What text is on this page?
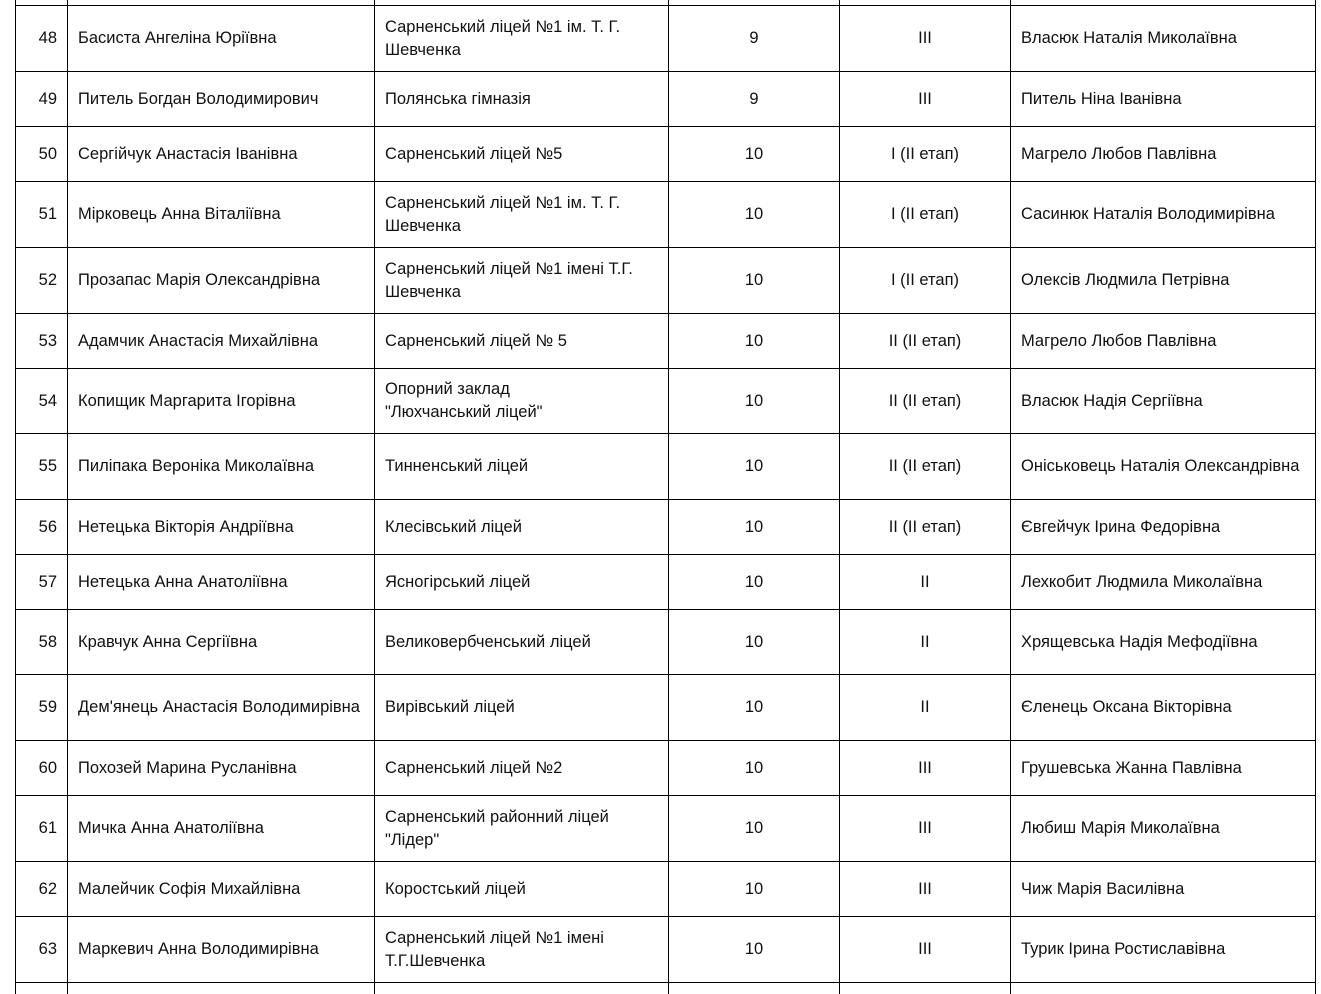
48	Басиста Ангеліна Юріївна	Сарненський ліцей №1 ім. Т. Г.
Шевченка	9	ІІІ	Власюк Наталія Миколаївна
49	Питель Богдан Володимирович	Полянська гімназія	9	ІІІ	Питель Ніна Іванівна
50	Сергійчук Анастасія Іванівна	Сарненський ліцей №5	10	І (ІІ етап)	Магрело Любов Павлівна
51	Мірковець Анна Віталіївна	Сарненський ліцей №1 ім. Т. Г.
Шевченка	10	І (ІІ етап)	Сасинюк Наталія Володимирівна
52	Прозапас Марія Олександрівна	Сарненський ліцей №1 імені Т.Г.
Шевченка	10	І (ІІ етап)	Олексів Людмила Петрівна
53	Адамчик Анастасія Михайлівна	Сарненський ліцей № 5	10	ІІ (ІІ етап)	Магрело Любов Павлівна
54	Копищик Маргарита Ігорівна	Опорний заклад
"Люхчанський ліцей"	10	ІІ (ІІ етап)	Власюк Надія Сергіївна
55	Пиліпака Вероніка Миколаївна	Тинненський ліцей	10	ІІ (ІІ етап)	Оніськовець Наталія Олександрівна
56	Нетецька Вікторія Андріївна	Клесівський ліцей	10	ІІ (ІІ етап)	Євгейчук Ірина Федорівна
57	Нетецька Анна Анатоліївна	Ясногірський ліцей	10	ІІ	Лехкобит Людмила Миколаївна
58	Кравчук Анна Сергіївна	Великовербченський ліцей	10	ІІ	Хрящевська Надія Мефодіївна
59	Дем'янець Анастасія Володимирівна	Вирівський ліцей	10	ІІ	Єленець Оксана Вікторівна
60	Похозей Марина Русланівна	Сарненський ліцей №2	10	ІІІ	Грушевська Жанна Павлівна
61	Мичка Анна Анатоліївна	Сарненський районний ліцей
"Лідер"	10	ІІІ	Любиш Марія Миколаївна
62	Малейчик Софія Михайлівна	Коростський ліцей	10	ІІІ	Чиж Марія Василівна
63	Маркевич Анна Володимирівна	Сарненський ліцей №1 імені
Т.Г.Шевченка	10	ІІІ	Турик Ірина Ростиславівна
